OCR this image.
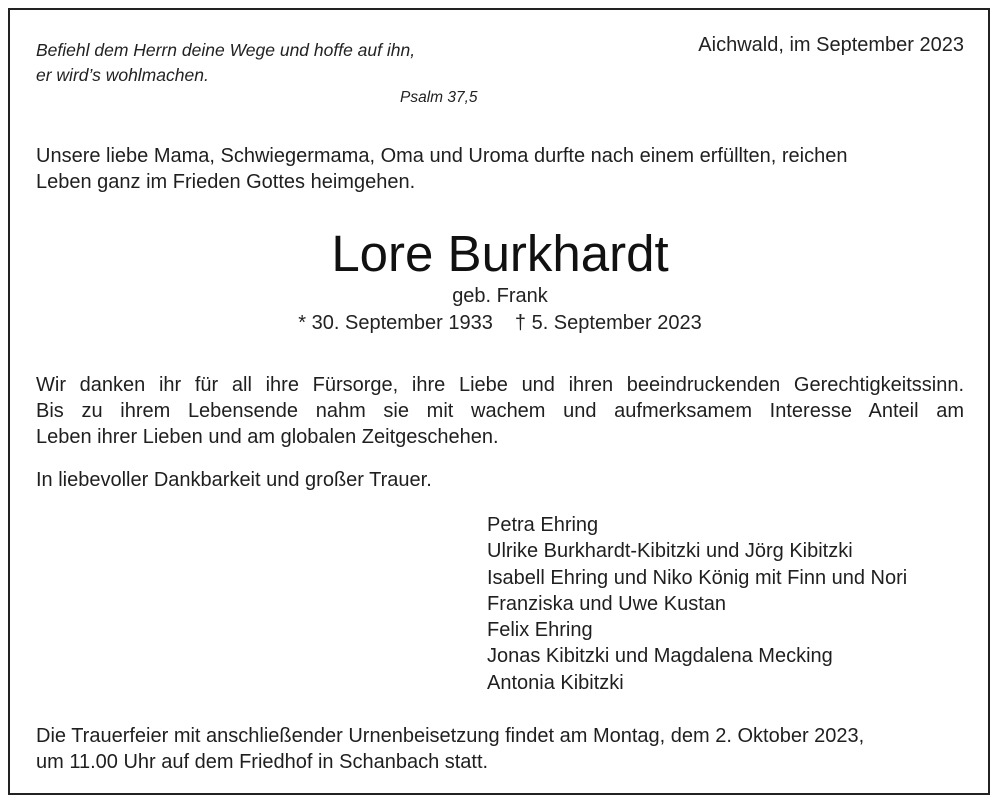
Befiehl dem Herrn deine Wege und hoffe auf ihn,
er wird’s wohlmachen.
Psalm 37,5
Aichwald, im September 2023
Unsere liebe Mama, Schwiegermama, Oma und Uroma durfte nach einem erfüllten, reichen
Leben ganz im Frieden Gottes heimgehen.
Lore Burkhardt
geb. Frank
* 30. September 1933 † 5. September 2023
Wir danken ihr für all ihre Fürsorge, ihre Liebe und ihren beeindruckenden Gerechtigkeitssinn.
Bis zu ihrem Lebensende nahm sie mit wachem und aufmerksamem Interesse Anteil am
Leben ihrer Lieben und am globalen Zeitgeschehen.
In liebevoller Dankbarkeit und großer Trauer.
Petra Ehring
Ulrike Burkhardt-Kibitzki und Jörg Kibitzki
Isabell Ehring und Niko König mit Finn und Nori
Franziska und Uwe Kustan
Felix Ehring
Jonas Kibitzki und Magdalena Mecking
Antonia Kibitzki
Die Trauerfeier mit anschließender Urnenbeisetzung findet am Montag, dem 2. Oktober 2023,
um 11.00 Uhr auf dem Friedhof in Schanbach statt.
